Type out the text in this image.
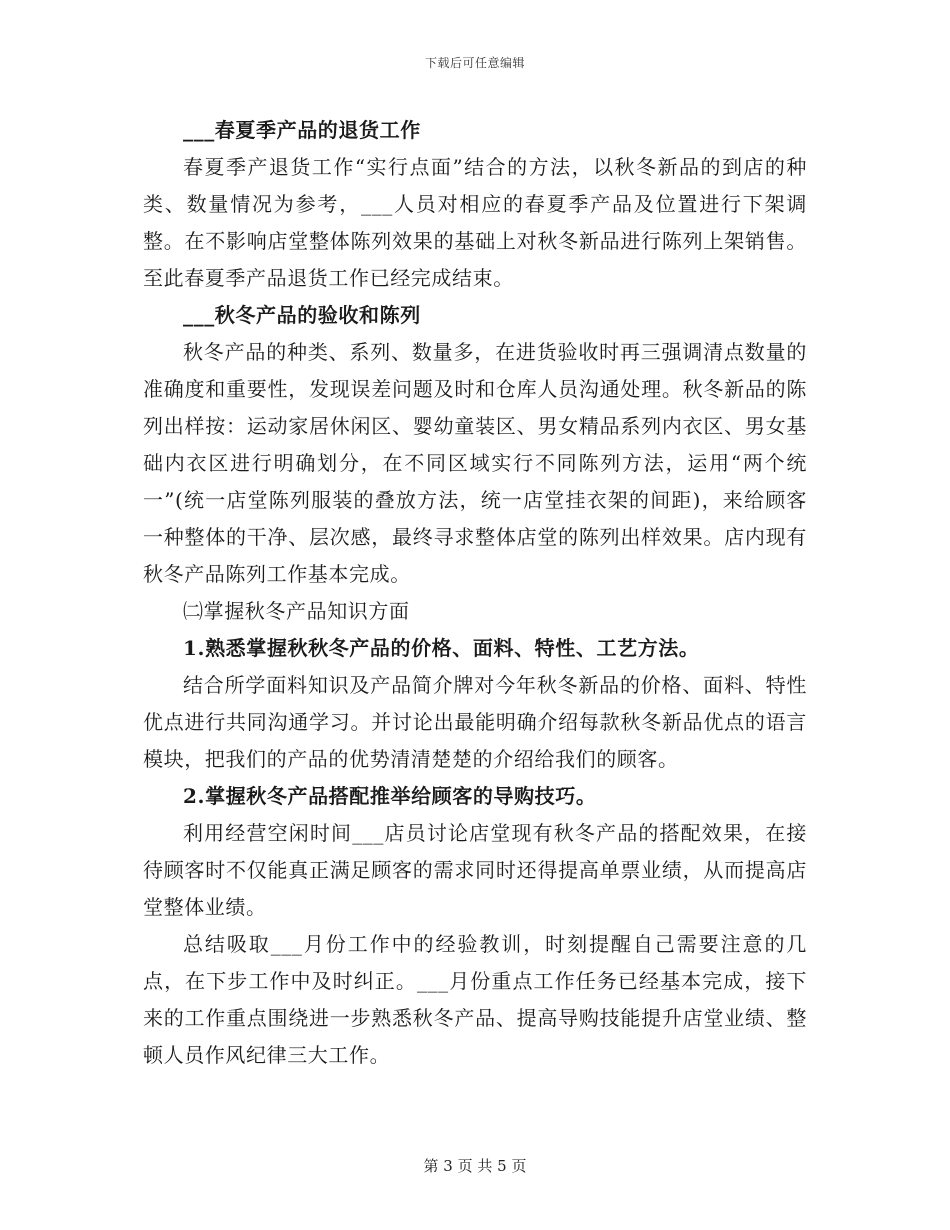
下载后可任意编辑

___春夏季产品的退货工作

春夏季产退货工作“实行点面”结合的方法，以秋冬新品的到店的种类、数量情况为参考，___人员对相应的春夏季产品及位置进行下架调整。在不影响店堂整体陈列效果的基础上对秋冬新品进行陈列上架销售。至此春夏季产品退货工作已经完成结束。

___秋冬产品的验收和陈列

秋冬产品的种类、系列、数量多，在进货验收时再三强调清点数量的准确度和重要性，发现误差问题及时和仓库人员沟通处理。秋冬新品的陈列出样按：运动家居休闲区、婴幼童装区、男女精品系列内衣区、男女基础内衣区进行明确划分，在不同区域实行不同陈列方法，运用“两个统一”(统一店堂陈列服装的叠放方法，统一店堂挂衣架的间距)，来给顾客一种整体的干净、层次感，最终寻求整体店堂的陈列出样效果。店内现有秋冬产品陈列工作基本完成。

㈡掌握秋冬产品知识方面

1.熟悉掌握秋秋冬产品的价格、面料、特性、工艺方法。

结合所学面料知识及产品简介牌对今年秋冬新品的价格、面料、特性优点进行共同沟通学习。并讨论出最能明确介绍每款秋冬新品优点的语言模块，把我们的产品的优势清清楚楚的介绍给我们的顾客。

2.掌握秋冬产品搭配推举给顾客的导购技巧。

利用经营空闲时间___店员讨论店堂现有秋冬产品的搭配效果，在接待顾客时不仅能真正满足顾客的需求同时还得提高单票业绩，从而提高店堂整体业绩。

总结吸取___月份工作中的经验教训，时刻提醒自己需要注意的几点，在下步工作中及时纠正。___月份重点工作任务已经基本完成，接下来的工作重点围绕进一步熟悉秋冬产品、提高导购技能提升店堂业绩、整顿人员作风纪律三大工作。

第 3 页 共 5 页
